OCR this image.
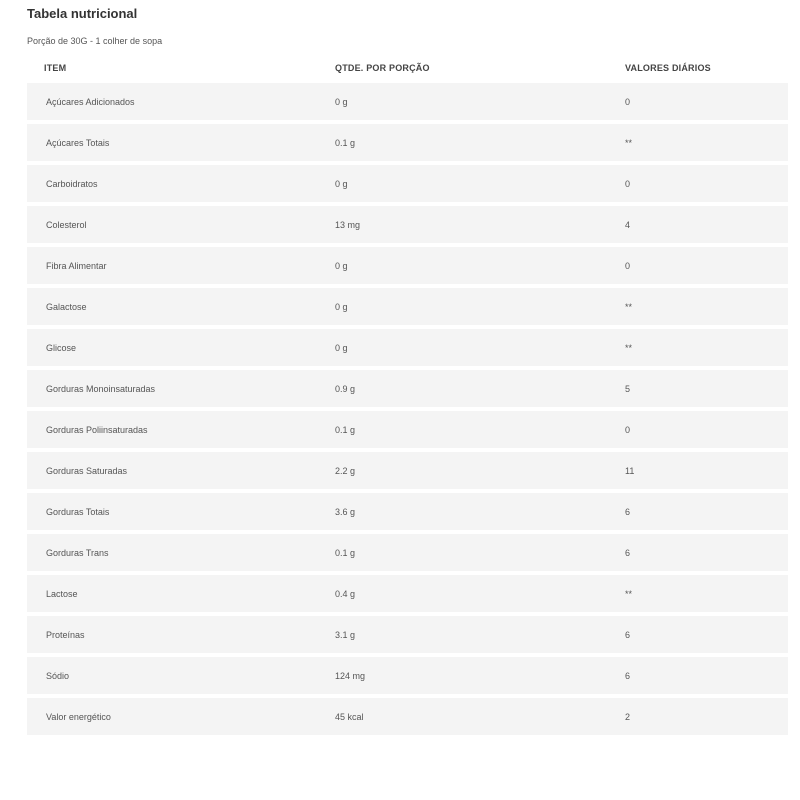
Tabela nutricional
Porção de 30G - 1 colher de sopa
ITEM	QTDE. POR PORÇÃO	VALORES DIÁRIOS
Açúcares Adicionados	0 g	0
Açúcares Totais	0.1 g	**
Carboidratos	0 g	0
Colesterol	13 mg	4
Fibra Alimentar	0 g	0
Galactose	0 g	**
Glicose	0 g	**
Gorduras Monoinsaturadas	0.9 g	5
Gorduras Poliinsaturadas	0.1 g	0
Gorduras Saturadas	2.2 g	11
Gorduras Totais	3.6 g	6
Gorduras Trans	0.1 g	6
Lactose	0.4 g	**
Proteínas	3.1 g	6
Sódio	124 mg	6
Valor energético	45 kcal	2
